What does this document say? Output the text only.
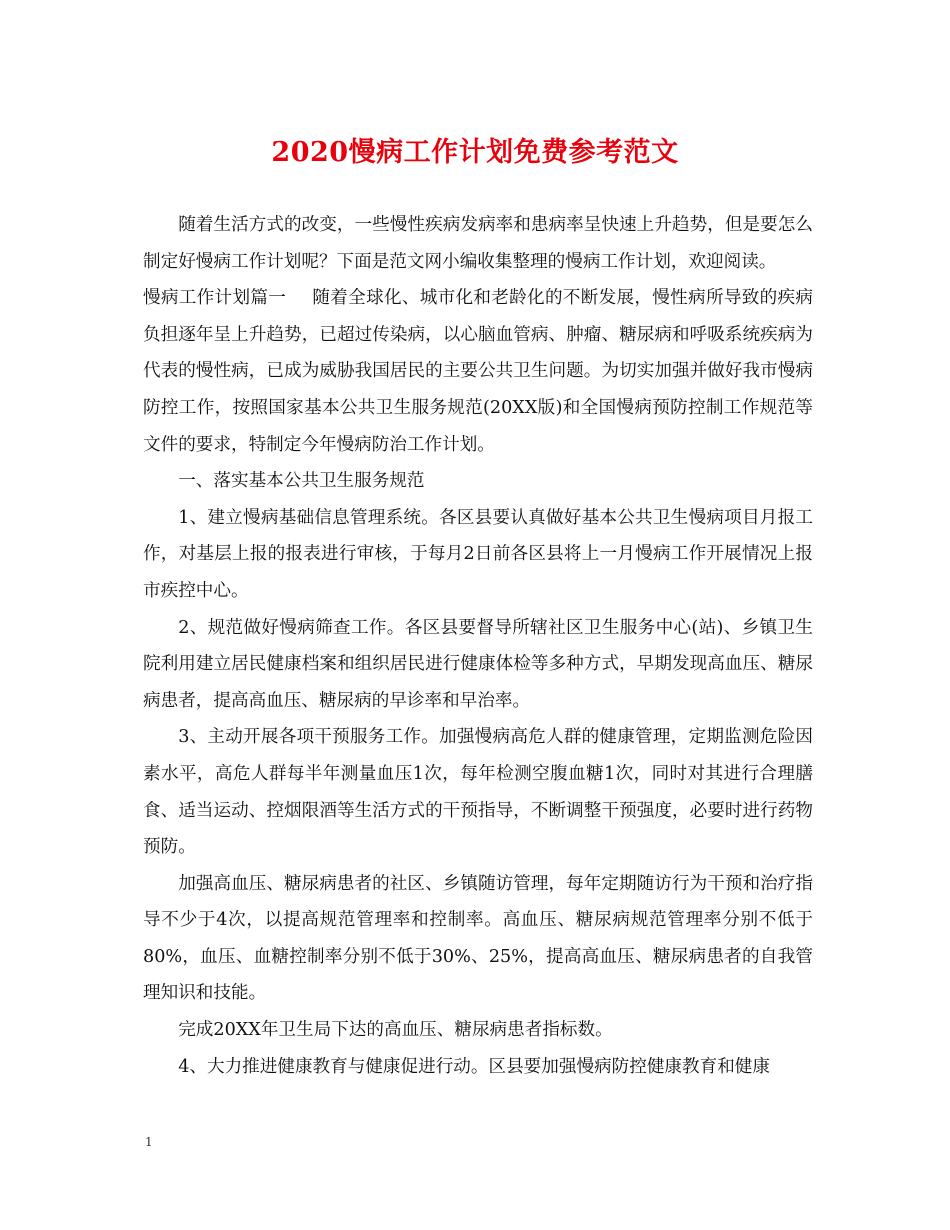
2020慢病工作计划免费参考范文

随着生活方式的改变，一些慢性疾病发病率和患病率呈快速上升趋势，但是要怎么制定好慢病工作计划呢？下面是范文网小编收集整理的慢病工作计划，欢迎阅读。

慢病工作计划篇一 随着全球化、城市化和老龄化的不断发展，慢性病所导致的疾病负担逐年呈上升趋势，已超过传染病，以心脑血管病、肿瘤、糖尿病和呼吸系统疾病为代表的慢性病，已成为威胁我国居民的主要公共卫生问题。为切实加强并做好我市慢病防控工作，按照国家基本公共卫生服务规范(20XX版)和全国慢病预防控制工作规范等文件的要求，特制定今年慢病防治工作计划。

一、落实基本公共卫生服务规范

1、建立慢病基础信息管理系统。各区县要认真做好基本公共卫生慢病项目月报工作，对基层上报的报表进行审核，于每月2日前各区县将上一月慢病工作开展情况上报市疾控中心。

2、规范做好慢病筛查工作。各区县要督导所辖社区卫生服务中心(站)、乡镇卫生院利用建立居民健康档案和组织居民进行健康体检等多种方式，早期发现高血压、糖尿病患者，提高高血压、糖尿病的早诊率和早治率。

3、主动开展各项干预服务工作。加强慢病高危人群的健康管理，定期监测危险因素水平，高危人群每半年测量血压1次，每年检测空腹血糖1次，同时对其进行合理膳食、适当运动、控烟限酒等生活方式的干预指导，不断调整干预强度，必要时进行药物预防。

加强高血压、糖尿病患者的社区、乡镇随访管理，每年定期随访行为干预和治疗指导不少于4次，以提高规范管理率和控制率。高血压、糖尿病规范管理率分别不低于80%，血压、血糖控制率分别不低于30%、25%，提高高血压、糖尿病患者的自我管理知识和技能。

完成20XX年卫生局下达的高血压、糖尿病患者指标数。

4、大力推进健康教育与健康促进行动。区县要加强慢病防控健康教育和健康

1
